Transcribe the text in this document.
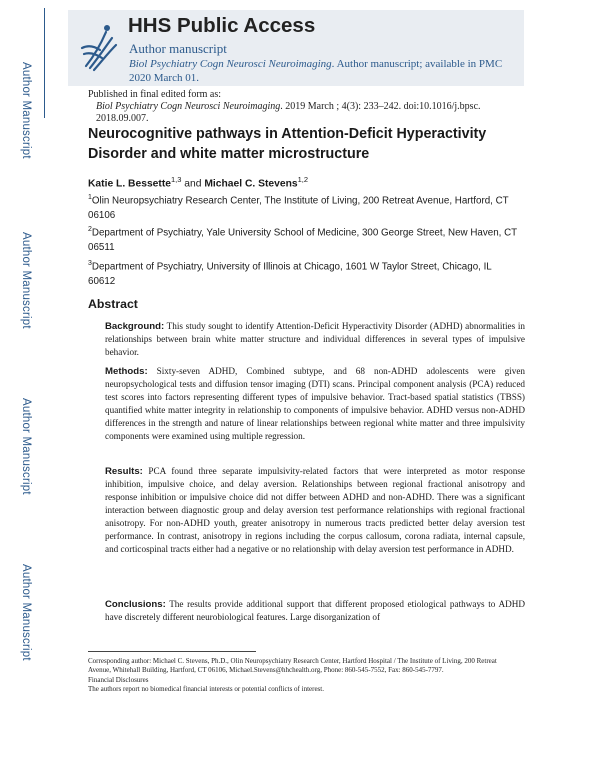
Author Manuscript
Author Manuscript
Author Manuscript
Author Manuscript
HHS Public Access
Author manuscript
Biol Psychiatry Cogn Neurosci Neuroimaging. Author manuscript; available in PMC 2020 March 01.
Published in final edited form as:
Biol Psychiatry Cogn Neurosci Neuroimaging. 2019 March ; 4(3): 233–242. doi:10.1016/j.bpsc.
2018.09.007.
Neurocognitive pathways in Attention-Deficit Hyperactivity Disorder and white matter microstructure
Katie L. Bessette$^{1,3}$ and Michael C. Stevens$^{1,2}$
$^1$Olin Neuropsychiatry Research Center, The Institute of Living, 200 Retreat Avenue, Hartford, CT 06106
$^2$Department of Psychiatry, Yale University School of Medicine, 300 George Street, New Haven, CT 06511
$^3$Department of Psychiatry, University of Illinois at Chicago, 1601 W Taylor Street, Chicago, IL 60612
Abstract
Background: This study sought to identify Attention-Deficit Hyperactivity Disorder (ADHD) abnormalities in relationships between brain white matter structure and individual differences in several types of impulsive behavior.
Methods: Sixty-seven ADHD, Combined subtype, and 68 non-ADHD adolescents were given neuropsychological tests and diffusion tensor imaging (DTI) scans. Principal component analysis (PCA) reduced test scores into factors representing different types of impulsive behavior. Tract-based spatial statistics (TBSS) quantified white matter integrity in relationship to components of impulsive behavior. ADHD versus non-ADHD differences in the strength and nature of linear relationships between regional white matter and three impulsivity components were examined using multiple regression.
Results: PCA found three separate impulsivity-related factors that were interpreted as motor response inhibition, impulsive choice, and delay aversion. Relationships between regional fractional anisotropy and response inhibition or impulsive choice did not differ between ADHD and non-ADHD. There was a significant interaction between diagnostic group and delay aversion test performance relationships with regional fractional anisotropy. For non-ADHD youth, greater anisotropy in numerous tracts predicted better delay aversion test performance. In contrast, anisotropy in regions including the corpus callosum, corona radiata, internal capsule, and corticospinal tracts either had a negative or no relationship with delay aversion test performance in ADHD.
Conclusions: The results provide additional support that different proposed etiological pathways to ADHD have discretely different neurobiological features. Large disorganization of
Corresponding author: Michael C. Stevens, Ph.D., Olin Neuropsychiatry Research Center, Hartford Hospital / The Institute of Living, 200 Retreat Avenue, Whitehall Building, Hartford, CT 06106, Michael.Stevens@hhchealth.org, Phone: 860-545-7552, Fax: 860-545-7797.
Financial Disclosures
The authors report no biomedical financial interests or potential conflicts of interest.
